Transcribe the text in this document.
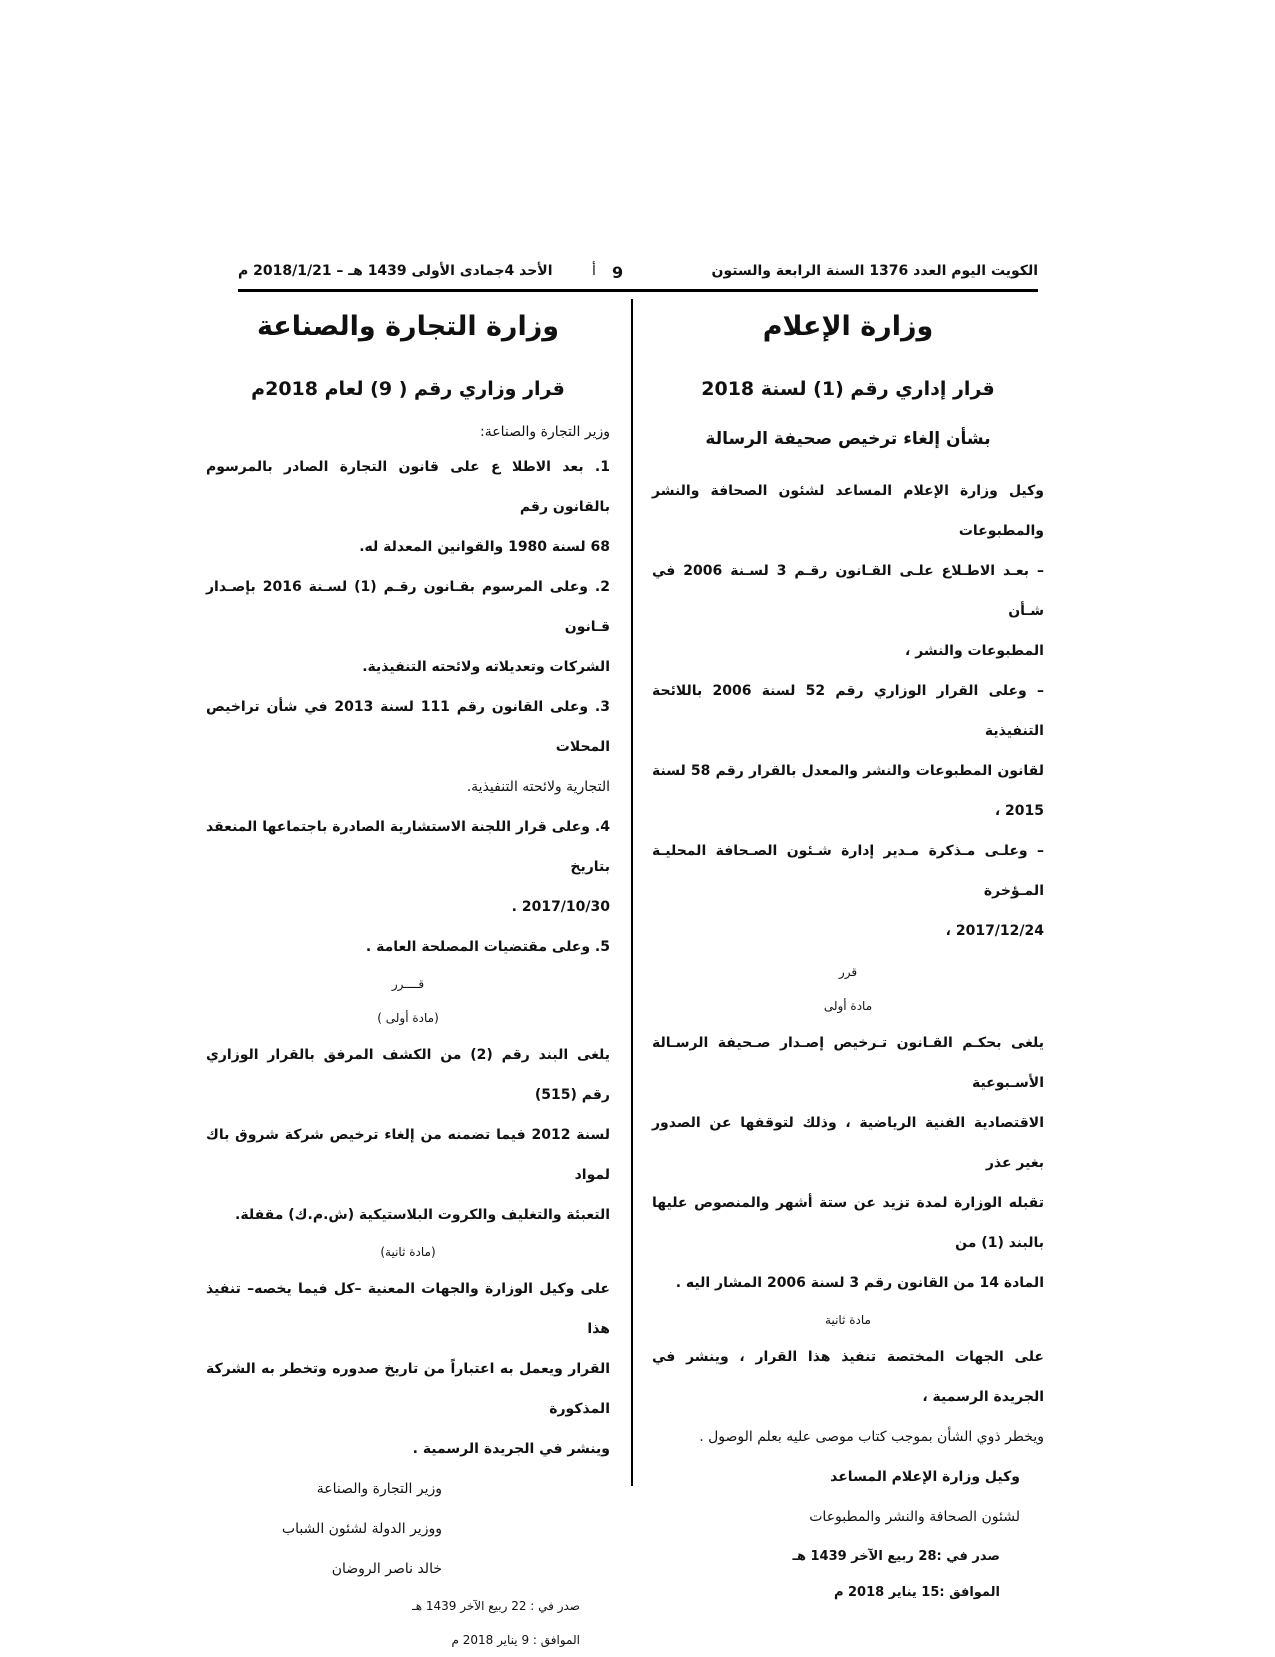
الكويت اليوم العدد 1376 السنة الرابعة والستون
9
أ
الأحد 4جمادى الأولى 1439 هـ – 2018/1/21 م
وزارة الإعلام
قرار إداري رقم (1) لسنة 2018
بشأن إلغاء ترخيص صحيفة الرسالة

وكيل وزارة الإعلام المساعد لشئون الصحافة والنشر والمطبوعات

– بعـد الاطـلاع علـى القـانون رقـم 3 لسـنة 2006 في شـأن

المطبوعات والنشر ،

– وعلى القرار الوزاري رقم 52 لسنة 2006 باللائحة التنفيذية

لقانون المطبوعات والنشر والمعدل بالقرار رقم 58 لسنة 2015 ،

– وعلـى مـذكرة مـدير إدارة شـئون الصـحافة المحليـة المـؤخرة

2017/12/24 ،

قرر

مادة أولى

يلغى بحكـم القـانون تـرخيص إصـدار صـحيفة الرسـالة الأسـبوعية

الاقتصادية الفنية الرياضية ، وذلك لتوقفها عن الصدور بغير عذر

تقبله الوزارة لمدة تزيد عن ستة أشهر والمنصوص عليها بالبند (1) من

المادة 14 من القانون رقم 3 لسنة 2006 المشار اليه .

مادة ثانية

على الجهات المختصة تنفيذ هذا القرار ، وينشر في الجريدة الرسمية ،

ويخطر ذوي الشأن بموجب كتاب موصى عليه بعلم الوصول .

وكيل وزارة الإعلام المساعد

لشئون الصحافة والنشر والمطبوعات

صدر في :28 ربيع الآخر 1439 هـ

الموافق :15 يناير 2018 م

وزارة التجارة والصناعة
قرار وزاري رقم ( 9) لعام 2018م

وزير التجارة والصناعة:

1. بعد الاطلا ع على قانون التجارة الصادر بالمرسوم بالقانون رقم

68 لسنة 1980 والقوانين المعدلة له.

2. وعلى المرسوم بقـانون رقـم (1) لسـنة 2016 بإصـدار قـانون

الشركات وتعديلاته ولائحته التنفيذية.

3. وعلى القانون رقم 111 لسنة 2013 في شأن تراخيص المحلات

التجارية ولائحته التنفيذية.

4. وعلى قرار اللجنة الاستشارية الصادرة باجتماعها المنعقد بتاريخ

2017/10/30 .

5. وعلى مقتضيات المصلحة العامة .

قــــرر

(مادة أولى )

يلغى البند رقم (2) من الكشف المرفق بالقرار الوزاري رقم (515)

لسنة 2012 فيما تضمنه من إلغاء ترخيص شركة شروق باك لمواد

التعبئة والتغليف والكروت البلاستيكية (ش.م.ك) مقفلة.

(مادة ثانية)

على وكيل الوزارة والجهات المعنية –كل فيما يخصه– تنفيذ هذا

القرار ويعمل به اعتباراً من تاريخ صدوره وتخطر به الشركة المذكورة

وينشر في الجريدة الرسمية .

وزير التجارة والصناعة

ووزير الدولة لشئون الشباب

خالد ناصر الروضان

صدر في : 22 ربيع الآخر 1439 هـ

الموافق : 9 يناير 2018 م
